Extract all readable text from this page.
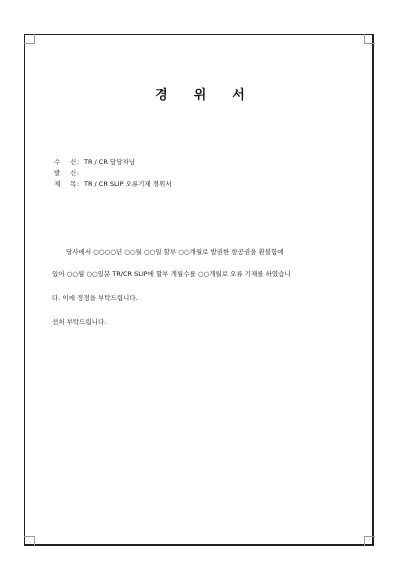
경 위 서
수 신: TR / CR 담당자님
발 신:
제 목: TR / CR SLIP 오류기재 경위서
당사에서 ○○○○년 ○○월 ○○일 할부 ○○개월로 발권한 항공권을 환불함에
있어 ○○월 ○○일분 TR/CR SLIP에 할부 개월수를 ○○개월로 오류 기재를 하였습니
다. 이에 정정을 부탁드립니다.
선처 부탁드립니다.
